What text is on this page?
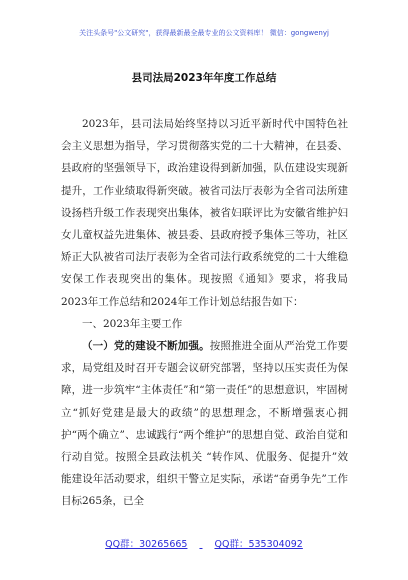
关注头条号"公文研究"，获得最新最全最专业的公文资料库！ 微信：gongwenyj
县司法局2023年年度工作总结

2023年，县司法局始终坚持以习近平新时代中国特色社会主义思想为指导，学习贯彻落实党的二十大精神，在县委、县政府的坚强领导下，政治建设得到新加强，队伍建设实现新提升，工作业绩取得新突破。被省司法厅表彰为全省司法所建设扬档升级工作表现突出集体，被省妇联评比为安徽省维护妇女儿童权益先进集体、被县委、县政府授予集体三等功，社区矫正大队被省司法厅表彰为全省司法行政系统党的二十大维稳安保工作表现突出的集体。现按照《通知》要求，将我局2023年工作总结和2024年工作计划总结报告如下：

一、2023年主要工作

（一）党的建设不断加强。按照推进全面从严治党工作要求，局党组及时召开专题会议研究部署，坚持以压实责任为保障，进一步筑牢“主体责任”和“第一责任”的思想意识，牢固树立“抓好党建是最大的政绩”的思想理念，不断增强衷心拥护“两个确立”、忠诚践行“两个维护”的思想自觉、政治自觉和行动自觉。按照全县政法机关 “转作风、优服务、促提升”效能建设年活动要求，组织干警立足实际，承诺“奋勇争先”工作目标265条，已全

QQ群：30265665	QQ群：535304092
